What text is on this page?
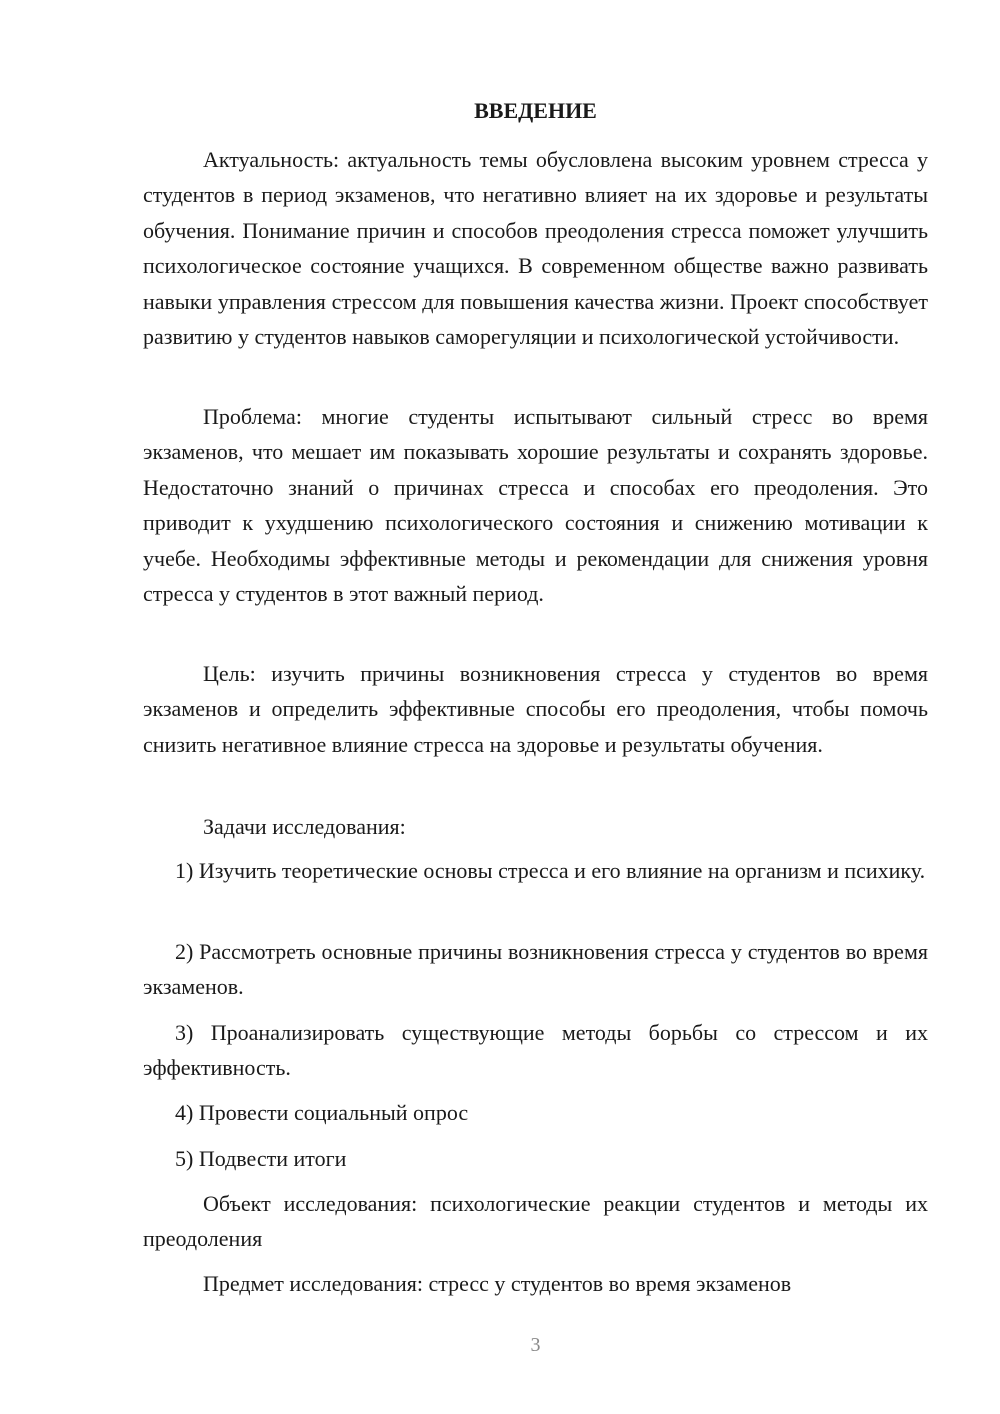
ВВЕДЕНИЕ
Актуальность: актуальность темы обусловлена высоким уровнем стресса у студентов в период экзаменов, что негативно влияет на их здоровье и результаты обучения. Понимание причин и способов преодоления стресса поможет улучшить психологическое состояние учащихся. В современном обществе важно развивать навыки управления стрессом для повышения качества жизни. Проект способствует развитию у студентов навыков саморегуляции и психологической устойчивости.
Проблема: многие студенты испытывают сильный стресс во время экзаменов, что мешает им показывать хорошие результаты и сохранять здоровье. Недостаточно знаний о причинах стресса и способах его преодоления. Это приводит к ухудшению психологического состояния и снижению мотивации к учебе. Необходимы эффективные методы и рекомендации для снижения уровня стресса у студентов в этот важный период.
Цель: изучить причины возникновения стресса у студентов во время экзаменов и определить эффективные способы его преодоления, чтобы помочь снизить негативное влияние стресса на здоровье и результаты обучения.
Задачи исследования:
1) Изучить теоретические основы стресса и его влияние на организм и психику.
2) Рассмотреть основные причины возникновения стресса у студентов во время экзаменов.
3) Проанализировать существующие методы борьбы со стрессом и их эффективность.
4) Провести социальный опрос
5) Подвести итоги
Объект исследования: психологические реакции студентов и методы их преодоления
Предмет исследования: стресс у студентов во время экзаменов
3
